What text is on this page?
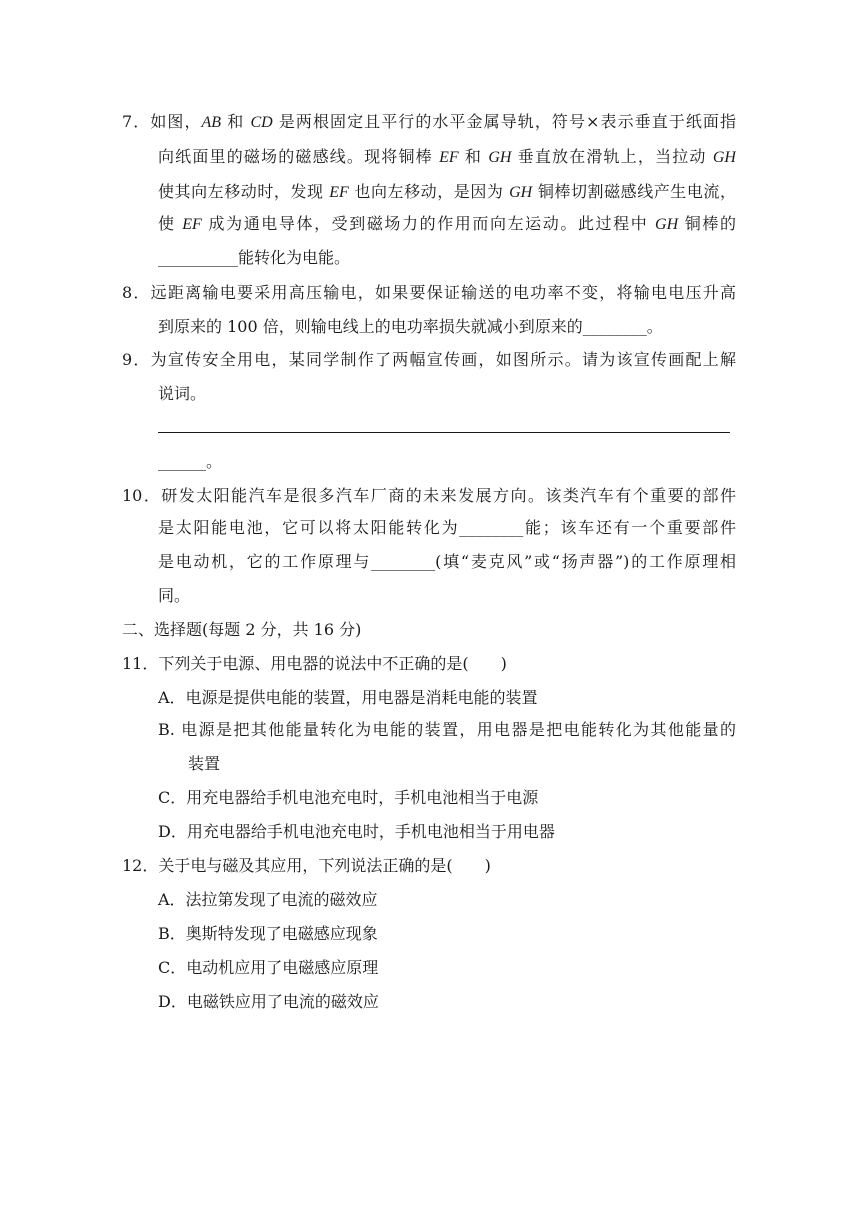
7．如图，AB 和 CD 是两根固定且平行的水平金属导轨，符号×表示垂直于纸面指
向纸面里的磁场的磁感线。现将铜棒 EF 和 GH 垂直放在滑轨上，当拉动 GH
使其向左移动时，发现 EF 也向左移动，是因为 GH 铜棒切割磁感线产生电流，
使 EF 成为通电导体，受到磁场力的作用而向左运动。此过程中 GH 铜棒的
__________能转化为电能。
8．远距离输电要采用高压输电，如果要保证输送的电功率不变，将输电电压升高
到原来的 100 倍，则输电线上的电功率损失就减小到原来的________。
9．为宣传安全用电，某同学制作了两幅宣传画，如图所示。请为该宣传画配上解
说词。
______。
10．研发太阳能汽车是很多汽车厂商的未来发展方向。该类汽车有个重要的部件
是太阳能电池，它可以将太阳能转化为________能；该车还有一个重要部件
是电动机，它的工作原理与________(填“麦克风”或“扬声器”)的工作原理相
同。
二、选择题(每题 2 分，共 16 分)
11．下列关于电源、用电器的说法中不正确的是(　　)
A．电源是提供电能的装置，用电器是消耗电能的装置
B. 电源是把其他能量转化为电能的装置，用电器是把电能转化为其他能量的
装置
C．用充电器给手机电池充电时，手机电池相当于电源
D．用充电器给手机电池充电时，手机电池相当于用电器
12．关于电与磁及其应用，下列说法正确的是(　　)
A．法拉第发现了电流的磁效应
B．奥斯特发现了电磁感应现象
C．电动机应用了电磁感应原理
D．电磁铁应用了电流的磁效应
